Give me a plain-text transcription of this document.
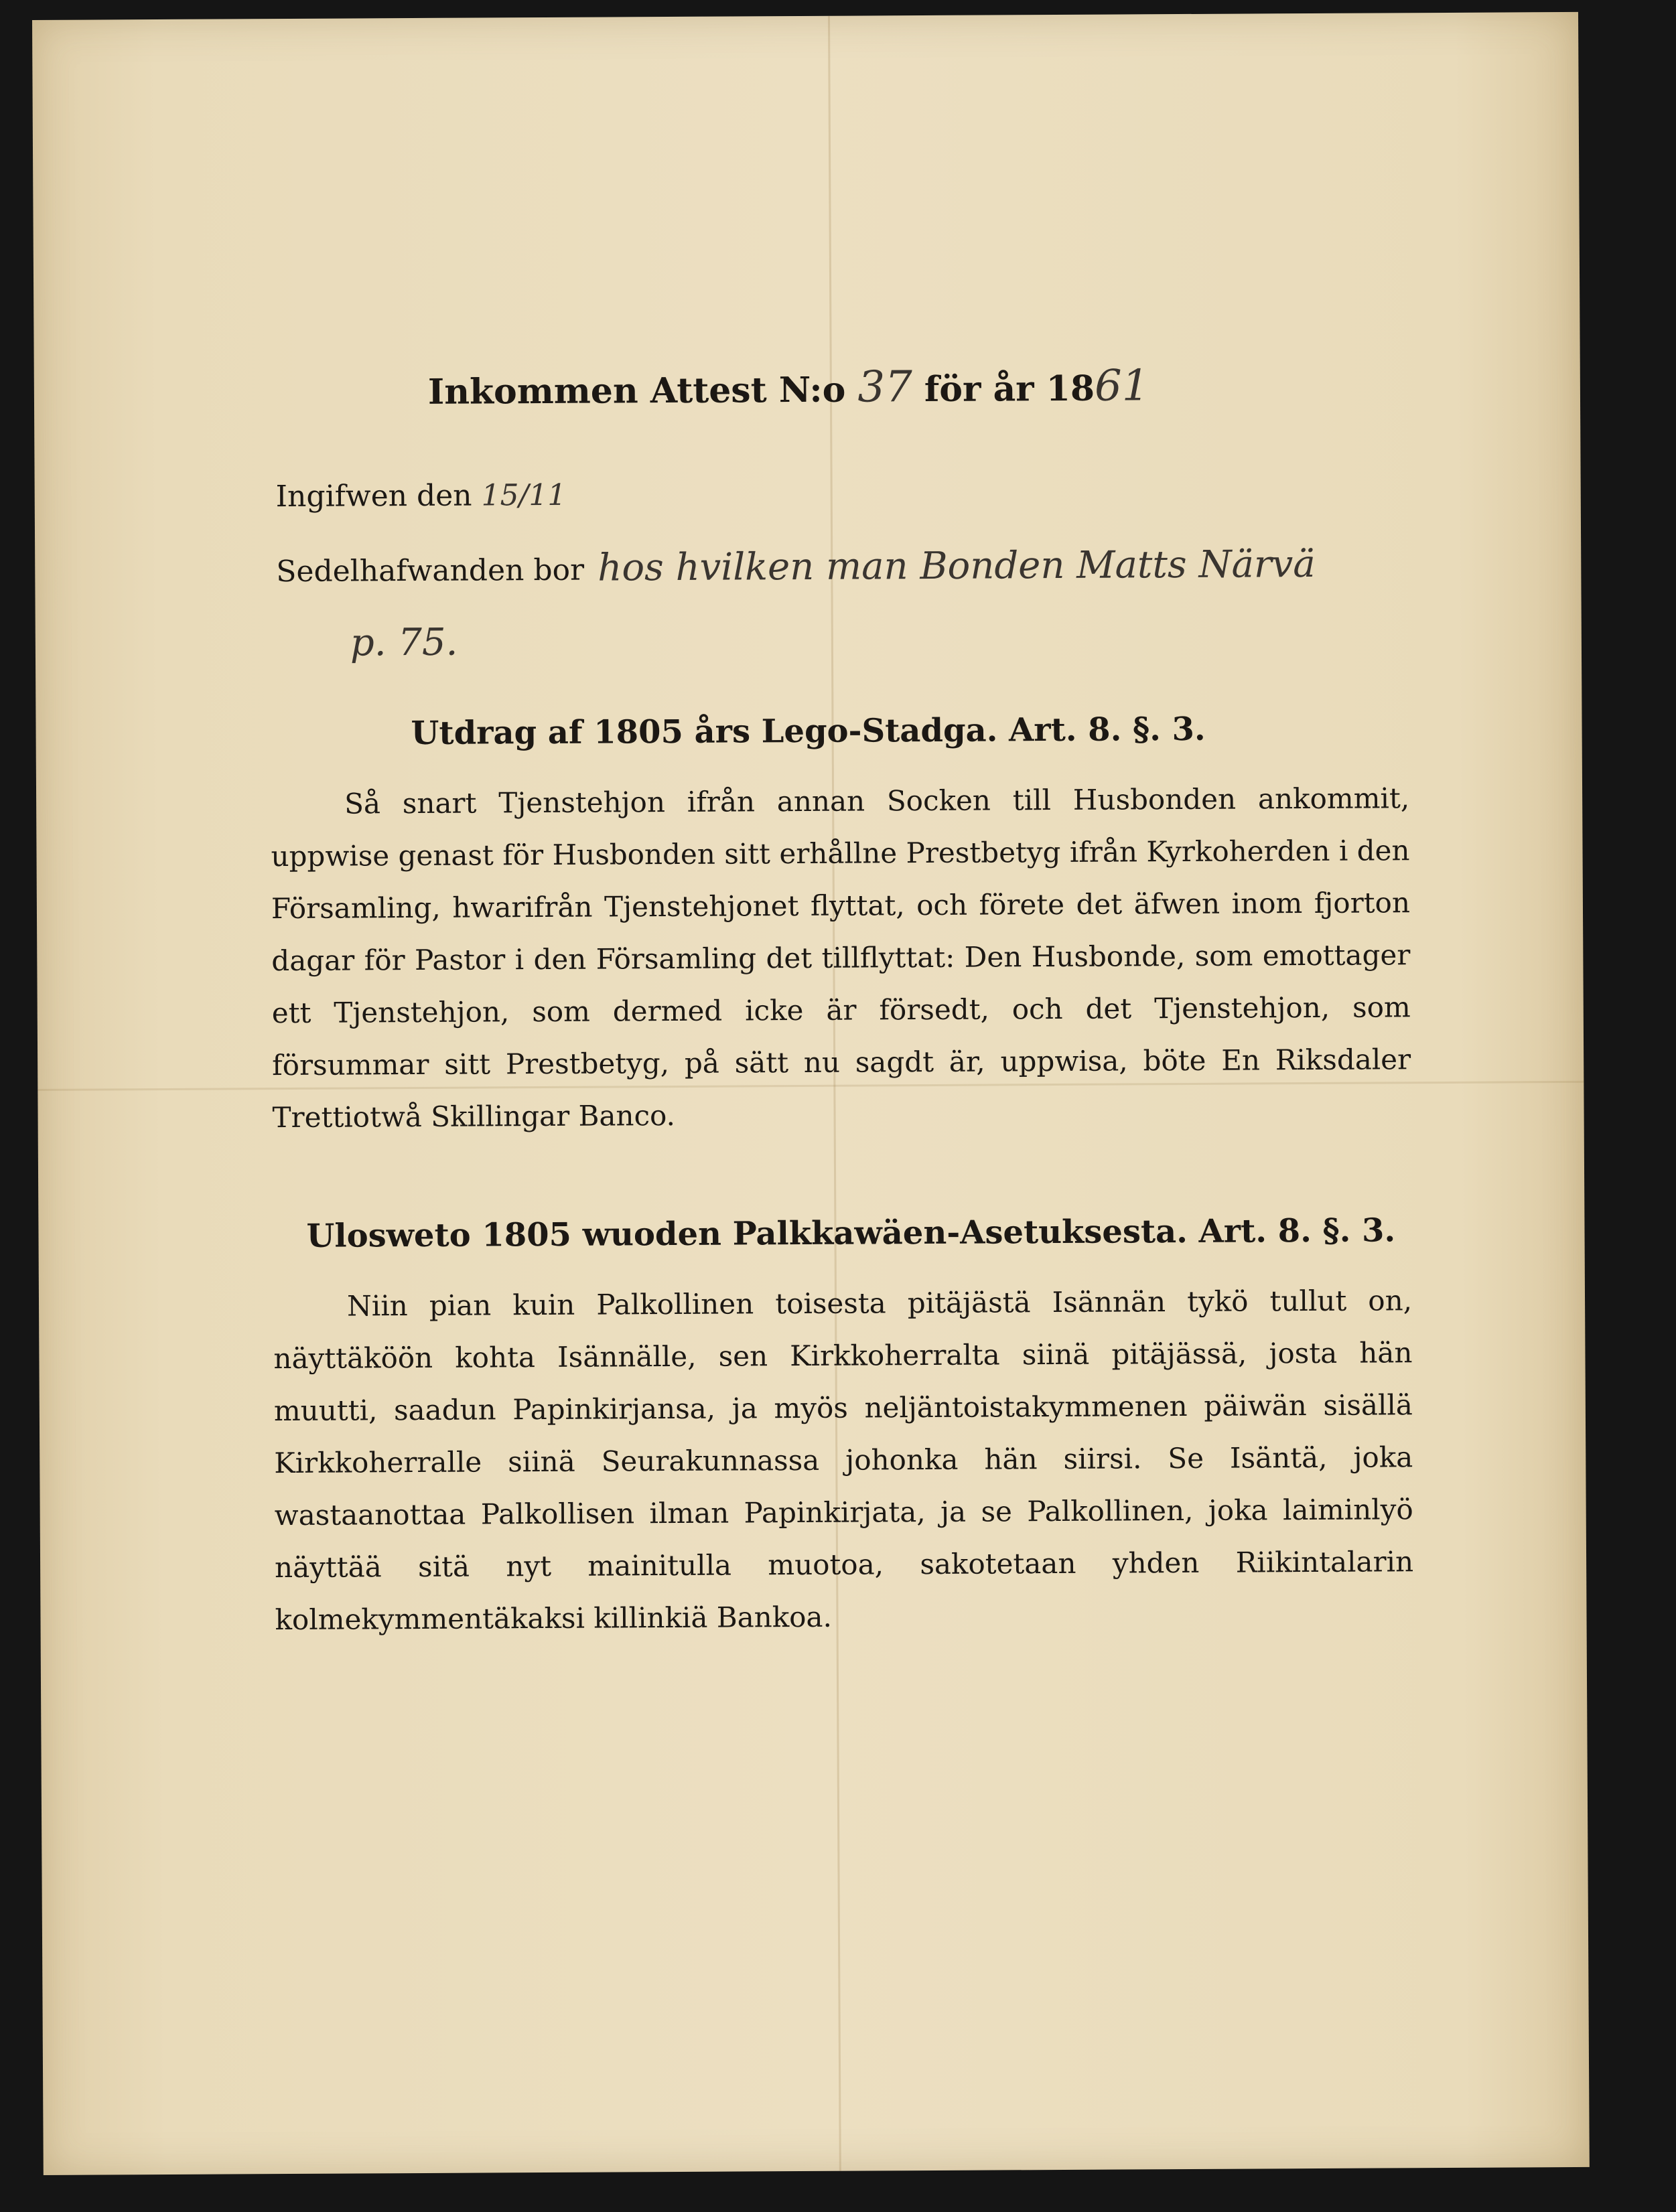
Inkommen Attest N:o 37 för år 1861
Ingifwen den 15/11
Sedelhafwanden bor hos hvilken man Bonden Matts Närvä
p. 75.
Utdrag af 1805 års Lego-Stadga. Art. 8. §. 3.
Så snart Tjenstehjon ifrån annan Socken till Husbonden ankommit, uppwise genast för Husbonden sitt erhållne Prestbetyg ifrån Kyrkoherden i den Församling, hwarifrån Tjenstehjonet flyttat, och förete det äfwen inom fjorton dagar för Pastor i den Församling det tillflyttat: Den Husbonde, som emottager ett Tjenstehjon, som dermed icke är försedt, och det Tjenstehjon, som försummar sitt Prestbetyg, på sätt nu sagdt är, uppwisa, böte En Riksdaler Trettiotwå Skillingar Banco.
Ulosweto 1805 wuoden Palkkawäen-Asetuksesta. Art. 8. §. 3.
Niin pian kuin Palkollinen toisesta pitäjästä Isännän tykö tullut on, näyttäköön kohta Isännälle, sen Kirkkoherralta siinä pitäjässä, josta hän muutti, saadun Papinkirjansa, ja myös neljäntoistakymmenen päiwän sisällä Kirkkoherralle siinä Seurakunnassa johonka hän siirsi. Se Isäntä, joka wastaanottaa Palkollisen ilman Papinkirjata, ja se Palkollinen, joka laiminlyö näyttää sitä nyt mainitulla muotoa, sakotetaan yhden Riikintalarin kolmekymmentäkaksi killinkiä Bankoa.
